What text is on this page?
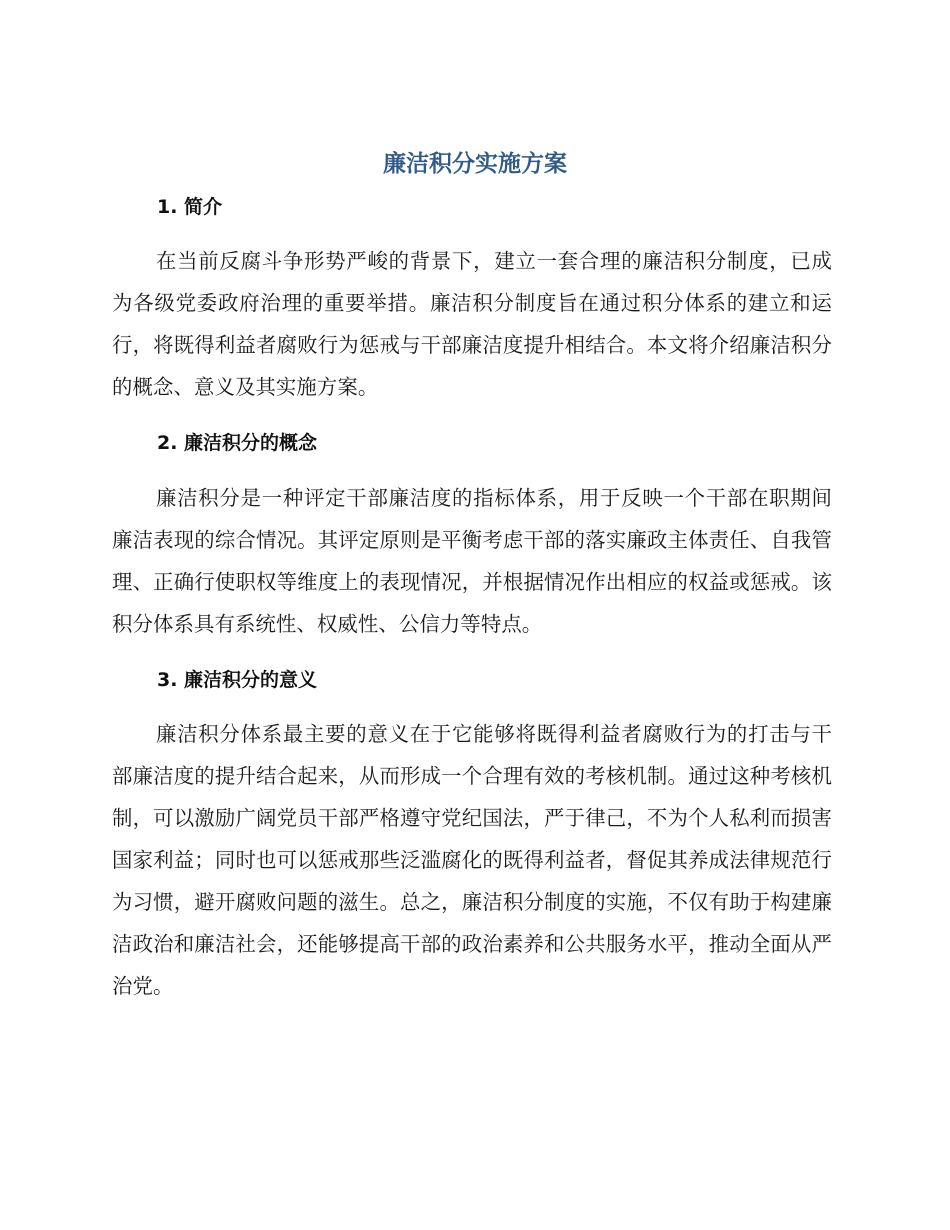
廉洁积分实施方案
1. 简介

在当前反腐斗争形势严峻的背景下，建立一套合理的廉洁积分制度，已成为各级党委政府治理的重要举措。廉洁积分制度旨在通过积分体系的建立和运行，将既得利益者腐败行为惩戒与干部廉洁度提升相结合。本文将介绍廉洁积分的概念、意义及其实施方案。

2. 廉洁积分的概念

廉洁积分是一种评定干部廉洁度的指标体系，用于反映一个干部在职期间廉洁表现的综合情况。其评定原则是平衡考虑干部的落实廉政主体责任、自我管理、正确行使职权等维度上的表现情况，并根据情况作出相应的权益或惩戒。该积分体系具有系统性、权威性、公信力等特点。

3. 廉洁积分的意义

廉洁积分体系最主要的意义在于它能够将既得利益者腐败行为的打击与干部廉洁度的提升结合起来，从而形成一个合理有效的考核机制。通过这种考核机制，可以激励广阔党员干部严格遵守党纪国法，严于律己，不为个人私利而损害国家利益；同时也可以惩戒那些泛滥腐化的既得利益者，督促其养成法律规范行为习惯，避开腐败问题的滋生。总之，廉洁积分制度的实施，不仅有助于构建廉洁政治和廉洁社会，还能够提高干部的政治素养和公共服务水平，推动全面从严治党。
